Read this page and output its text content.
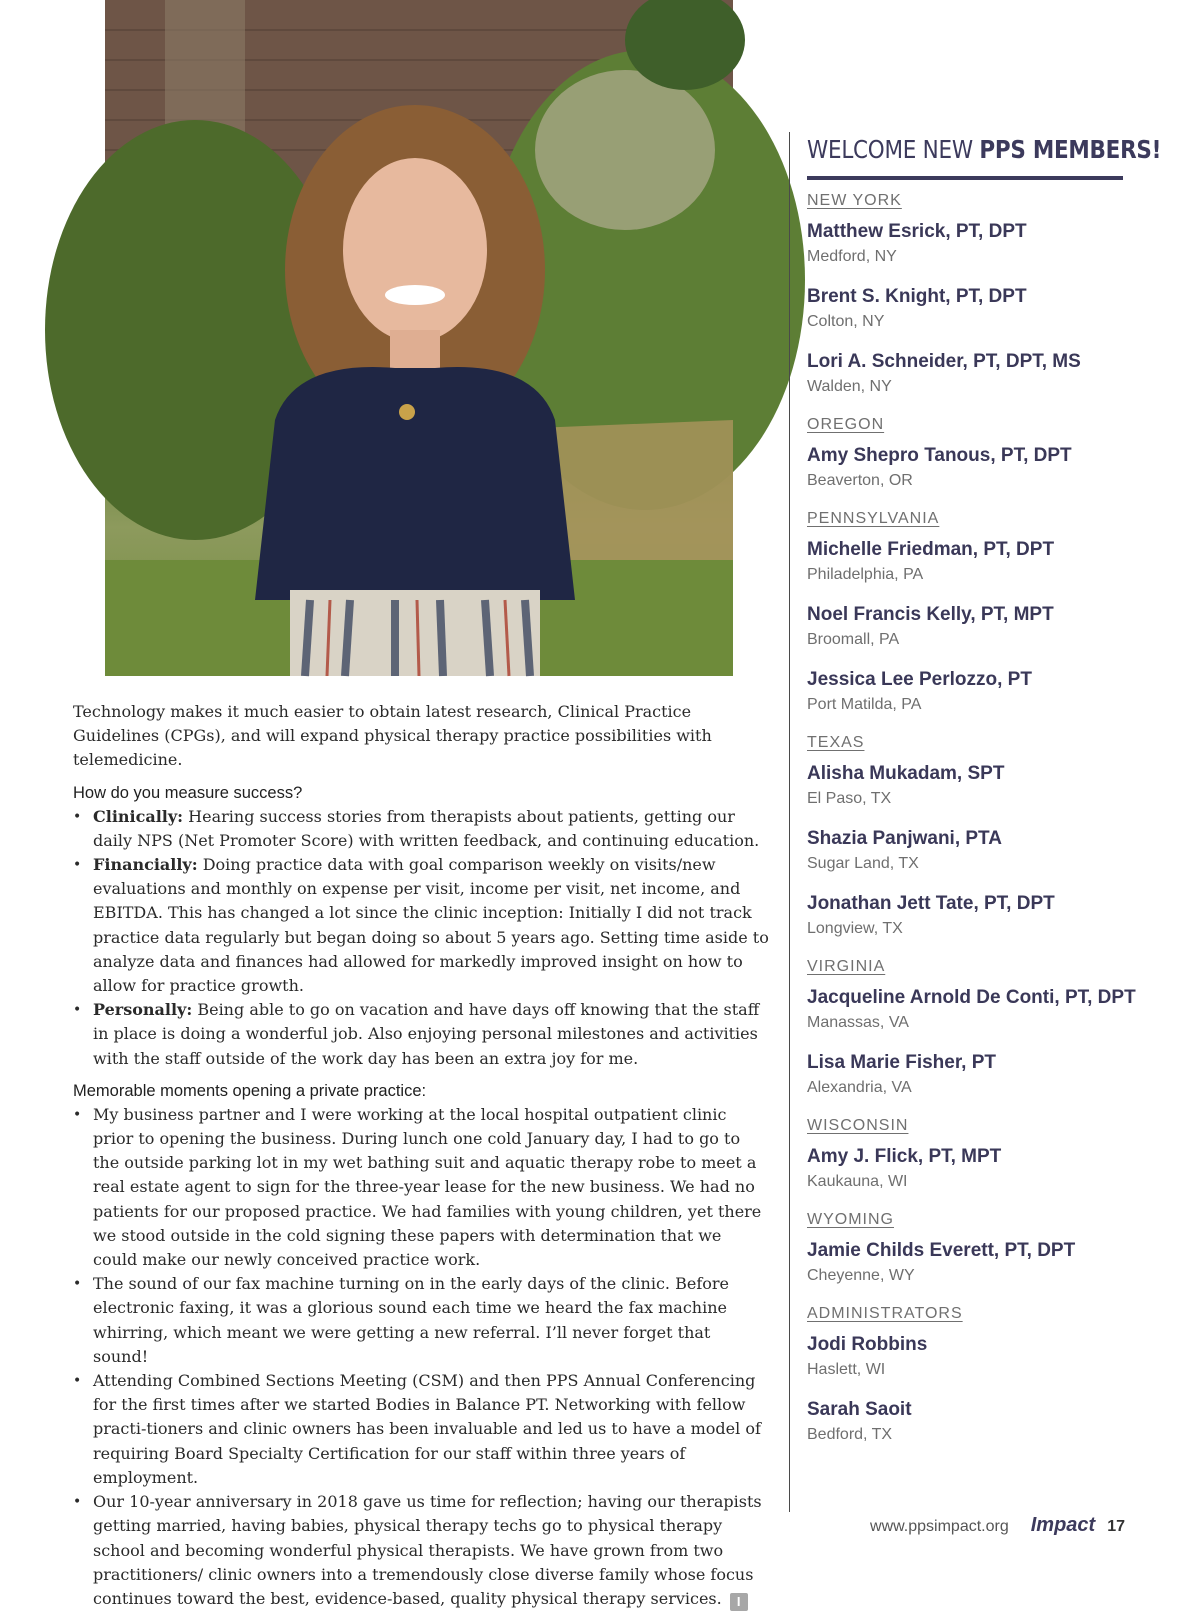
Technology makes it much easier to obtain latest research, Clinical Practice Guidelines (CPGs), and will expand physical therapy practice possibilities with telemedicine.

How do you measure success?
• Clinically: Hearing success stories from therapists about patients, getting our daily NPS (Net Promoter Score) with written feedback, and continuing education.
• Financially: Doing practice data with goal comparison weekly on visits/new evaluations and monthly on expense per visit, income per visit, net income, and EBITDA. This has changed a lot since the clinic inception: Initially I did not track practice data regularly but began doing so about 5 years ago. Setting time aside to analyze data and finances had allowed for markedly improved insight on how to allow for practice growth.
• Personally: Being able to go on vacation and have days off knowing that the staff in place is doing a wonderful job. Also enjoying personal milestones and activities with the staff outside of the work day has been an extra joy for me.
Memorable moments opening a private practice:
• My business partner and I were working at the local hospital outpatient clinic prior to opening the business. During lunch one cold January day, I had to go to the outside parking lot in my wet bathing suit and aquatic therapy robe to meet a real estate agent to sign for the three-year lease for the new business. We had no patients for our proposed practice. We had families with young children, yet there we stood outside in the cold signing these papers with determination that we could make our newly conceived practice work.
• The sound of our fax machine turning on in the early days of the clinic. Before electronic faxing, it was a glorious sound each time we heard the fax machine whirring, which meant we were getting a new referral. I’ll never forget that sound!
• Attending Combined Sections Meeting (CSM) and then PPS Annual Conferencing for the first times after we started Bodies in Balance PT. Networking with fellow practi-tioners and clinic owners has been invaluable and led us to have a model of requiring Board Specialty Certification for our staff within three years of employment.
• Our 10-year anniversary in 2018 gave us time for reflection; having our therapists getting married, having babies, physical therapy techs go to physical therapy school and becoming wonderful physical therapists. We have grown from two practitioners/ clinic owners into a tremendously close diverse family whose focus continues toward the best, evidence-based, quality physical therapy services. I
WELCOME NEW PPS MEMBERS!
NEW YORK
Matthew Esrick, PT, DPT
Medford, NY
Brent S. Knight, PT, DPT
Colton, NY
Lori A. Schneider, PT, DPT, MS
Walden, NY
OREGON
Amy Shepro Tanous, PT, DPT
Beaverton, OR
PENNSYLVANIA
Michelle Friedman, PT, DPT
Philadelphia, PA
Noel Francis Kelly, PT, MPT
Broomall, PA
Jessica Lee Perlozzo, PT
Port Matilda, PA
TEXAS
Alisha Mukadam, SPT
El Paso, TX
Shazia Panjwani, PTA
Sugar Land, TX
Jonathan Jett Tate, PT, DPT
Longview, TX
VIRGINIA
Jacqueline Arnold De Conti, PT, DPT
Manassas, VA
Lisa Marie Fisher, PT
Alexandria, VA
WISCONSIN
Amy J. Flick, PT, MPT
Kaukauna, WI
WYOMING
Jamie Childs Everett, PT, DPT
Cheyenne, WY
ADMINISTRATORS
Jodi Robbins
Haslett, WI
Sarah Saoit
Bedford, TX
www.ppsimpact.org Impact 17
